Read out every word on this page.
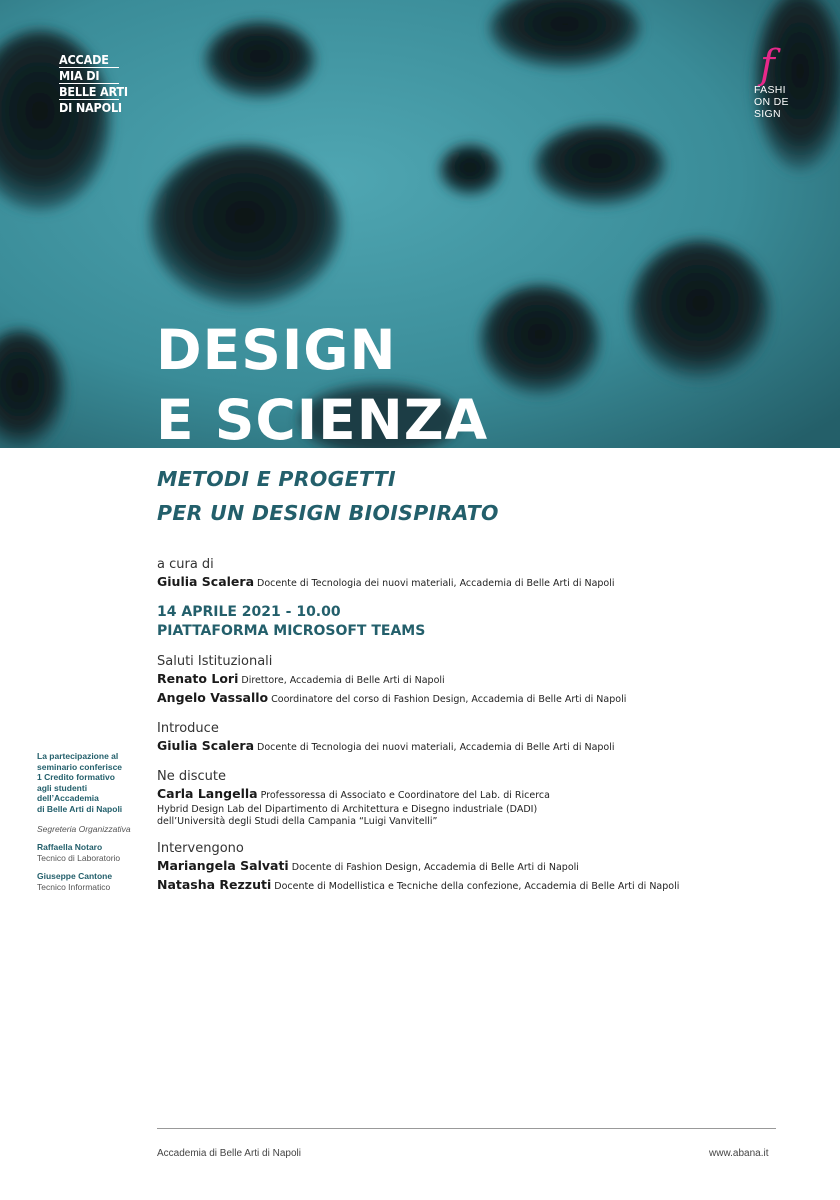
ACCADE
MIA DI
BELLE ARTI
DI NAPOLI
f
FASHI
ON DE
SIGN
DESIGN
E SCIENZA
METODI E PROGETTI
PER UN DESIGN BIOISPIRATO

a cura di

Giulia Scalera Docente di Tecnologia dei nuovi materiali, Accademia di Belle Arti di Napoli
14 APRILE 2021 - 10.00
PIATTAFORMA MICROSOFT TEAMS

Saluti Istituzionali

Renato Lori Direttore, Accademia di Belle Arti di Napoli
Angelo Vassallo Coordinatore del corso di Fashion Design, Accademia di Belle Arti di Napoli

Introduce

Giulia Scalera Docente di Tecnologia dei nuovi materiali, Accademia di Belle Arti di Napoli

Ne discute

Carla Langella Professoressa di Associato e Coordinatore del Lab. di Ricerca
Hybrid Design Lab del Dipartimento di Architettura e Disegno industriale (DADI)
dell’Università degli Studi della Campania “Luigi Vanvitelli”

Intervengono

Mariangela Salvati Docente di Fashion Design, Accademia di Belle Arti di Napoli
Natasha Rezzuti Docente di Modellistica e Tecniche della confezione, Accademia di Belle Arti di Napoli
La partecipazione al
seminario conferisce
1 Credito formativo
agli studenti
dell’Accademia
di Belle Arti di Napoli
Segreteria Organizzativa
Raffaella Notaro
Tecnico di Laboratorio
Giuseppe Cantone
Tecnico Informatico
Accademia di Belle Arti di Napoli	www.abana.it
